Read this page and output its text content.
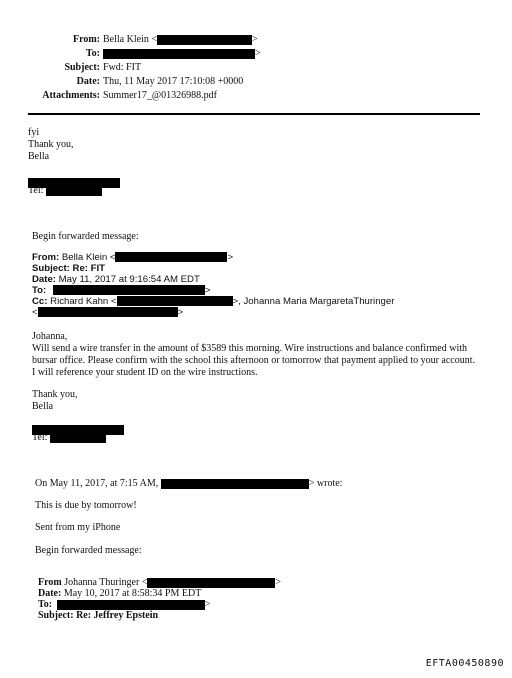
From: Bella Klein <	>
To:	>
Subject: Fwd: FIT
Date: Thu, 11 May 2017 17:10:08 +0000
Attachments: Summer17_@01326988.pdf
fyi
Thank you,
Bella
Tel:
Begin forwarded message:
From: Bella Klein <	>
Subject: Re: FIT
Date: May 11, 2017 at 9:16:54 AM EDT
To:	>
Cc: Richard Kahn <	>, Johanna Maria MargaretaThuringer
<	>
Johanna,
Will send a wire transfer in the amount of $3589 this morning. Wire instructions and balance confirmed with
bursar office. Please confirm with the school this afternoon or tomorrow that payment applied to your account.
I will reference your student ID on the wire instructions.
Thank you,
Bella
Tel:
On May 11, 2017, at 7:15 AM,	> wrote:
This is due by tomorrow!
Sent from my iPhone
Begin forwarded message:
From Johanna Thuringer <	>
Date: May 10, 2017 at 8:58:34 PM EDT
To:	>
Subject: Re: Jeffrey Epstein
EFTA00450890
